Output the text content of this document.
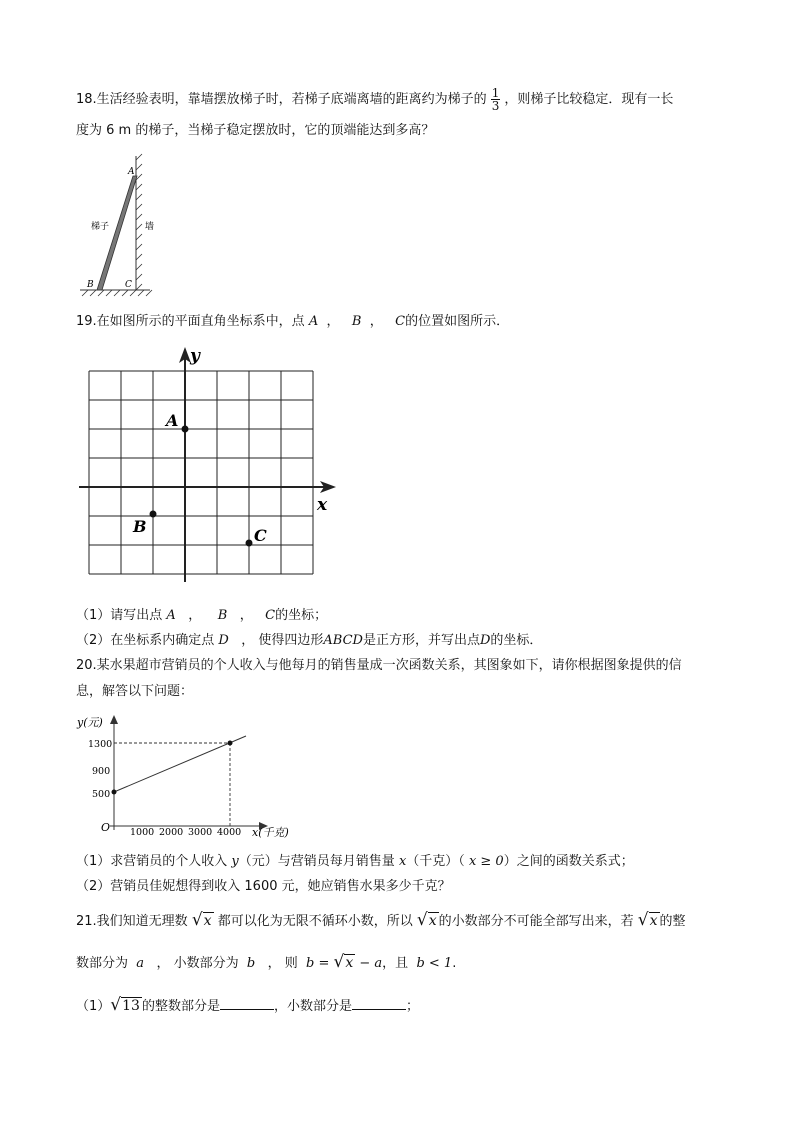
18.生活经验表明，靠墙摆放梯子时，若梯子底端离墙的距离约为梯子的 $\frac{1}{3}$ ，则梯子比较稳定．现有一长
度为 6 m 的梯子，当梯子稳定摆放时，它的顶端能达到多高？
A
B	C
梯子	墙
19.在如图所示的平面直角坐标系中，点 A ， B ， C的位置如图所示．
y
x
A
B	C
（1）请写出点 A ， B ， C的坐标；
（2）在坐标系内确定点 D ， 使得四边形ABCD是正方形，并写出点D的坐标．
20.某水果超市营销员的个人收入与他每月的销售量成一次函数关系，其图象如下，请你根据图象提供的信
息，解答以下问题：
y(元)
x(千克)
O
1300
900
500
1000 2000 3000 4000
（1）求营销员的个人收入 y（元）与营销员每月销售量 x（千克）（ x ≥ 0）之间的函数关系式；
（2）营销员佳妮想得到收入 1600 元，她应销售水果多少千克？
21.我们知道无理数 √x 都可以化为无限不循环小数，所以 √x 的小数部分不可能全部写出来，若 √x 的整
数部分为 a ， 小数部分为 b ， 则 b = √x − a，且 b < 1.
（1）√13 的整数部分是	，小数部分是	；
